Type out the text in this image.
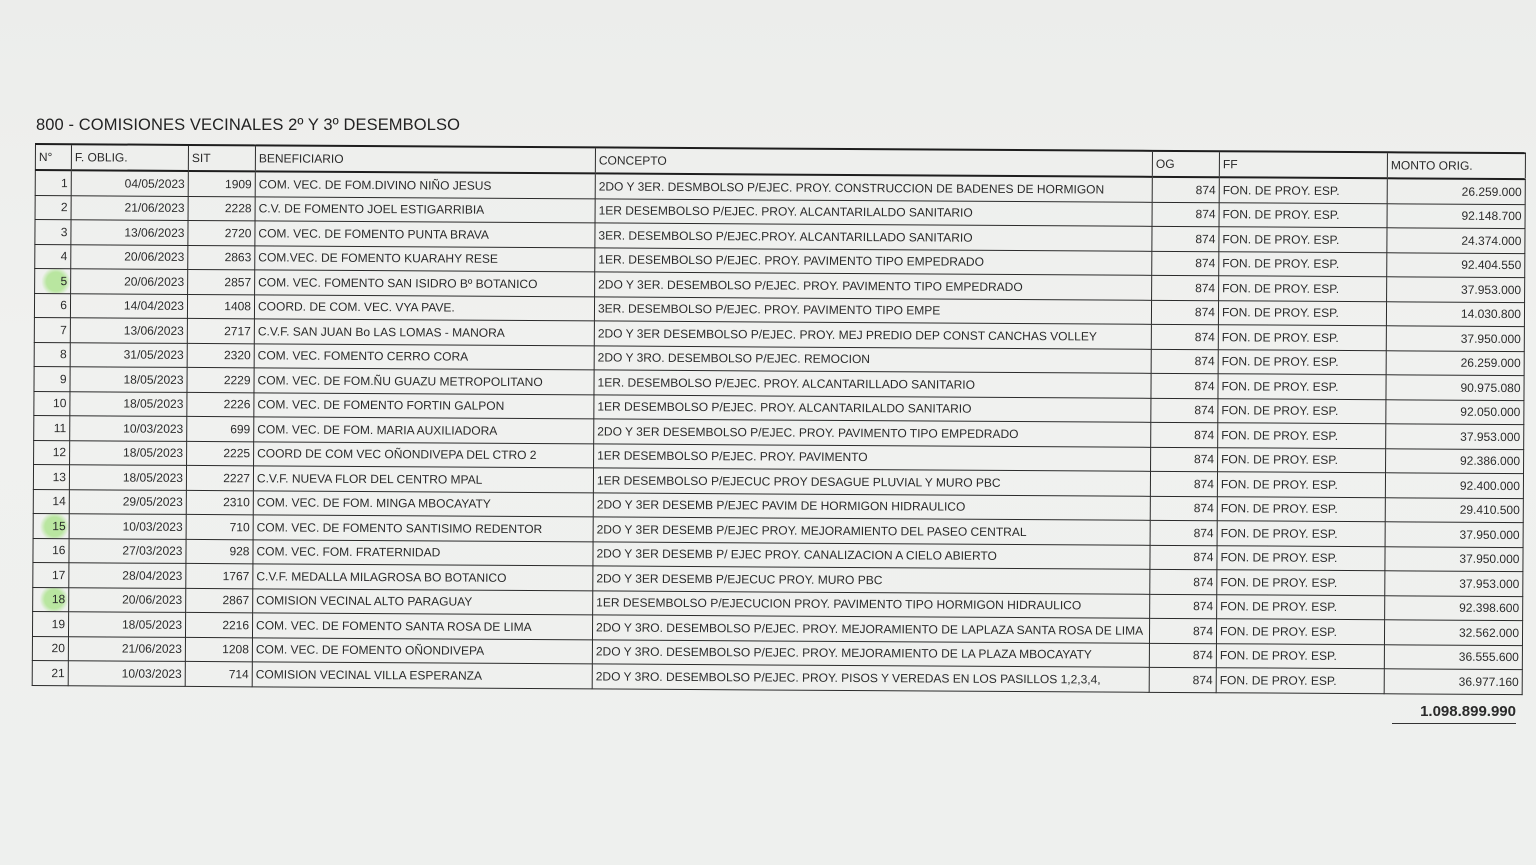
800 - COMISIONES VECINALES 2º Y 3º DESEMBOLSO
N°	F. OBLIG.	SIT	BENEFICIARIO	CONCEPTO	OG	FF	MONTO ORIG.
1	04/05/2023	1909	COM. VEC. DE FOM.DIVINO NIÑO JESUS	2DO Y 3ER. DESMBOLSO P/EJEC. PROY. CONSTRUCCION DE BADENES DE HORMIGON	874	FON. DE PROY. ESP.	26.259.000
2	21/06/2023	2228	C.V. DE FOMENTO JOEL ESTIGARRIBIA	1ER DESEMBOLSO P/EJEC. PROY. ALCANTARILALDO SANITARIO	874	FON. DE PROY. ESP.	92.148.700
3	13/06/2023	2720	COM. VEC. DE FOMENTO PUNTA BRAVA	3ER. DESEMBOLSO P/EJEC.PROY. ALCANTARILLADO SANITARIO	874	FON. DE PROY. ESP.	24.374.000
4	20/06/2023	2863	COM.VEC. DE FOMENTO KUARAHY RESE	1ER. DESEMBOLSO P/EJEC. PROY. PAVIMENTO TIPO EMPEDRADO	874	FON. DE PROY. ESP.	92.404.550
5	20/06/2023	2857	COM. VEC. FOMENTO SAN ISIDRO Bº BOTANICO	2DO Y 3ER. DESEMBOLSO P/EJEC. PROY. PAVIMENTO TIPO EMPEDRADO	874	FON. DE PROY. ESP.	37.953.000
6	14/04/2023	1408	COORD. DE COM. VEC. VYA PAVE.	3ER. DESEMBOLSO P/EJEC. PROY. PAVIMENTO TIPO EMPE	874	FON. DE PROY. ESP.	14.030.800
7	13/06/2023	2717	C.V.F. SAN JUAN Bo LAS LOMAS - MANORA	2DO Y 3ER DESEMBOLSO P/EJEC. PROY. MEJ PREDIO DEP CONST CANCHAS VOLLEY	874	FON. DE PROY. ESP.	37.950.000
8	31/05/2023	2320	COM. VEC. FOMENTO CERRO CORA	2DO Y 3RO. DESEMBOLSO P/EJEC. REMOCION	874	FON. DE PROY. ESP.	26.259.000
9	18/05/2023	2229	COM. VEC. DE FOM.ÑU GUAZU METROPOLITANO	1ER. DESEMBOLSO P/EJEC. PROY. ALCANTARILLADO SANITARIO	874	FON. DE PROY. ESP.	90.975.080
10	18/05/2023	2226	COM. VEC. DE FOMENTO FORTIN GALPON	1ER DESEMBOLSO P/EJEC. PROY. ALCANTARILALDO SANITARIO	874	FON. DE PROY. ESP.	92.050.000
11	10/03/2023	699	COM. VEC. DE FOM. MARIA AUXILIADORA	2DO Y 3ER DESEMBOLSO P/EJEC. PROY. PAVIMENTO TIPO EMPEDRADO	874	FON. DE PROY. ESP.	37.953.000
12	18/05/2023	2225	COORD DE COM VEC OÑONDIVEPA DEL CTRO 2	1ER DESEMBOLSO P/EJEC. PROY. PAVIMENTO	874	FON. DE PROY. ESP.	92.386.000
13	18/05/2023	2227	C.V.F. NUEVA FLOR DEL CENTRO MPAL	1ER DESEMBOLSO P/EJECUC PROY DESAGUE PLUVIAL Y MURO PBC	874	FON. DE PROY. ESP.	92.400.000
14	29/05/2023	2310	COM. VEC. DE FOM. MINGA MBOCAYATY	2DO Y 3ER DESEMB P/EJEC PAVIM DE HORMIGON HIDRAULICO	874	FON. DE PROY. ESP.	29.410.500
15	10/03/2023	710	COM. VEC. DE FOMENTO SANTISIMO REDENTOR	2DO Y 3ER DESEMB P/EJEC PROY. MEJORAMIENTO DEL PASEO CENTRAL	874	FON. DE PROY. ESP.	37.950.000
16	27/03/2023	928	COM. VEC. FOM. FRATERNIDAD	2DO Y 3ER DESEMB P/ EJEC PROY. CANALIZACION A CIELO ABIERTO	874	FON. DE PROY. ESP.	37.950.000
17	28/04/2023	1767	C.V.F. MEDALLA MILAGROSA BO BOTANICO	2DO Y 3ER DESEMB P/EJECUC PROY. MURO PBC	874	FON. DE PROY. ESP.	37.953.000
18	20/06/2023	2867	COMISION VECINAL ALTO PARAGUAY	1ER DESEMBOLSO P/EJECUCION PROY. PAVIMENTO TIPO HORMIGON HIDRAULICO	874	FON. DE PROY. ESP.	92.398.600
19	18/05/2023	2216	COM. VEC. DE FOMENTO SANTA ROSA DE LIMA	2DO Y 3RO. DESEMBOLSO P/EJEC. PROY. MEJORAMIENTO DE LAPLAZA SANTA ROSA DE LIMA	874	FON. DE PROY. ESP.	32.562.000
20	21/06/2023	1208	COM. VEC. DE FOMENTO OÑONDIVEPA	2DO Y 3RO. DESEMBOLSO P/EJEC. PROY. MEJORAMIENTO DE LA PLAZA MBOCAYATY	874	FON. DE PROY. ESP.	36.555.600
21	10/03/2023	714	COMISION VECINAL VILLA ESPERANZA	2DO Y 3RO. DESEMBOLSO P/EJEC. PROY. PISOS Y VEREDAS EN LOS PASILLOS 1,2,3,4,	874	FON. DE PROY. ESP.	36.977.160
1.098.899.990
